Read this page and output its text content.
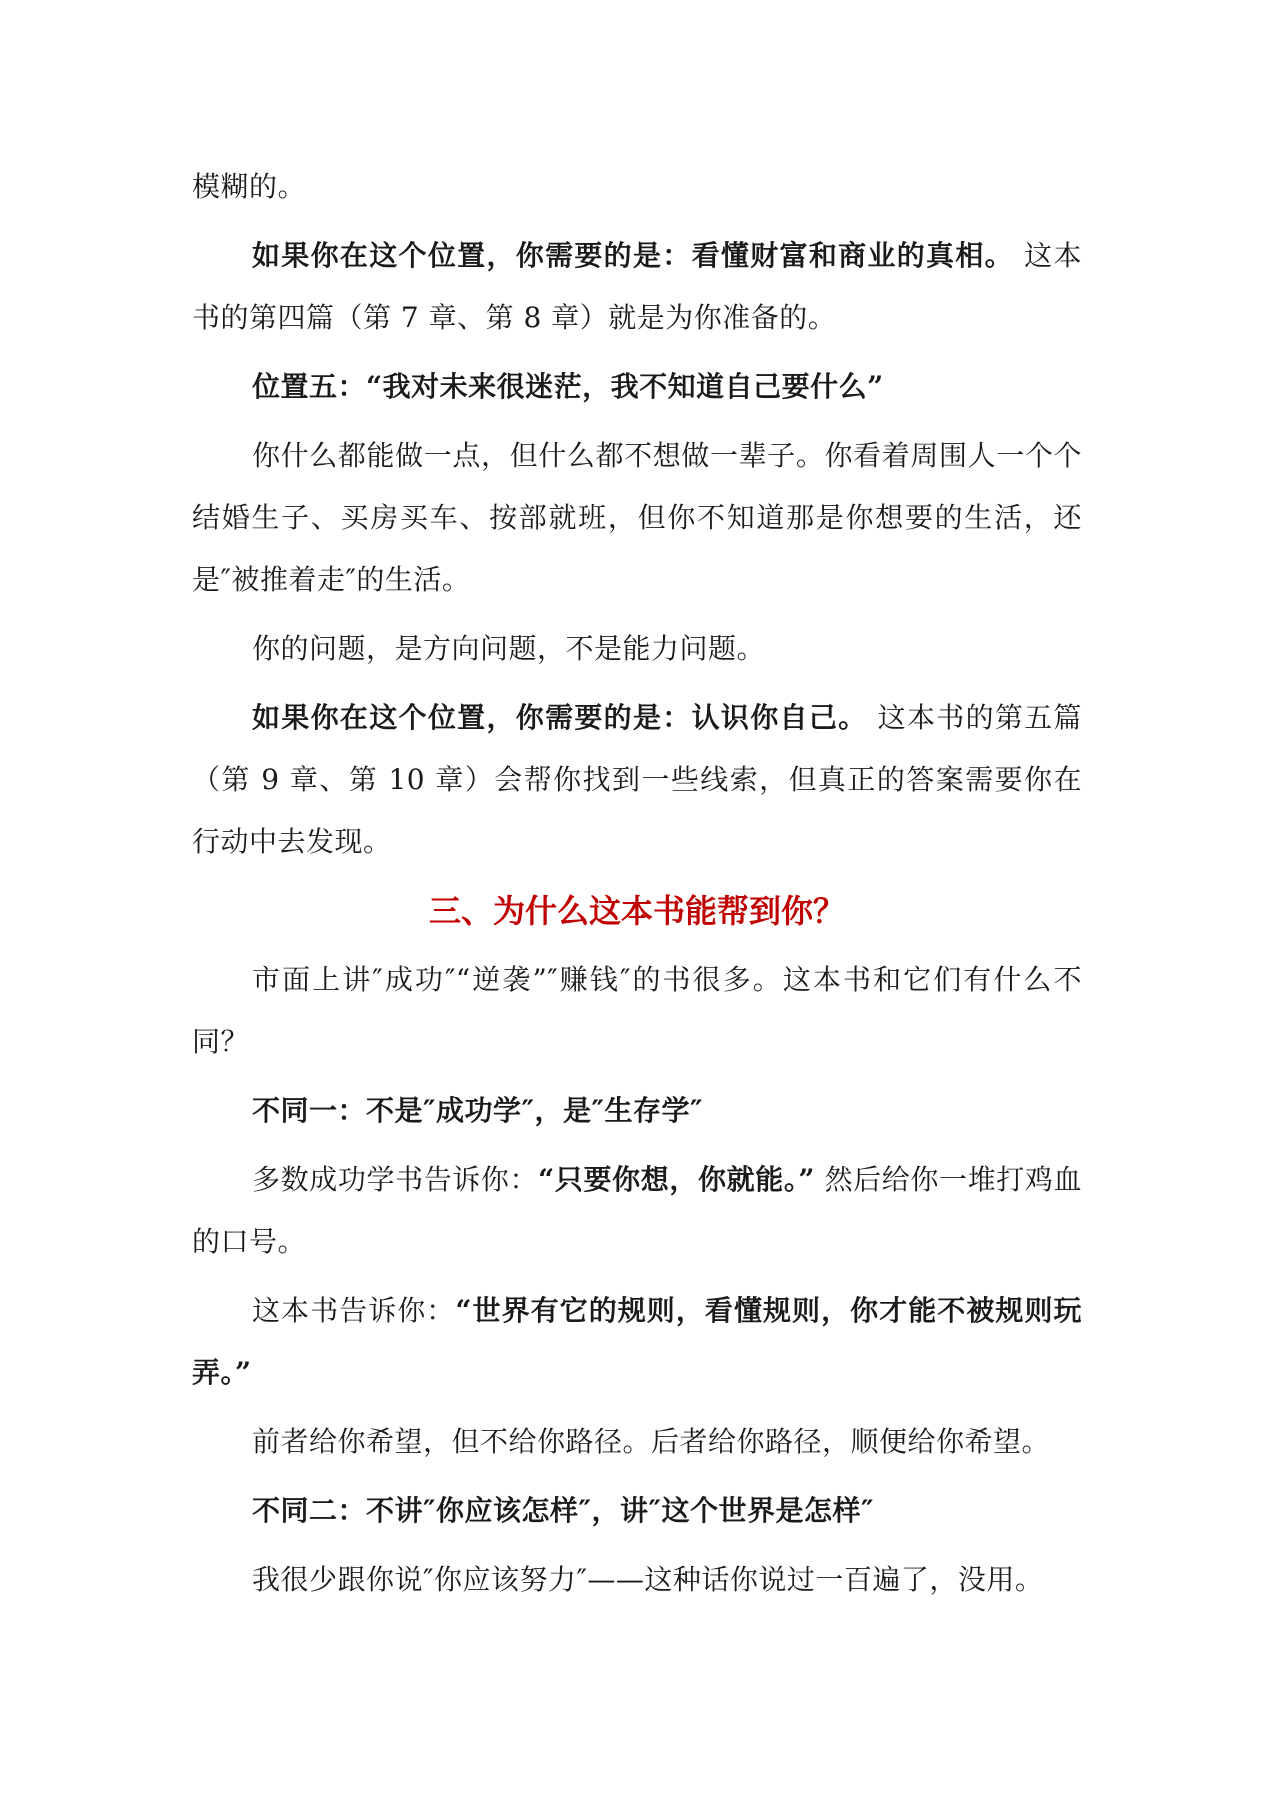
模糊的。

如果你在这个位置，你需要的是：看懂财富和商业的真相。 这本书的第四篇（第 7 章、第 8 章）就是为你准备的。

位置五：“我对未来很迷茫，我不知道自己要什么”

你什么都能做一点，但什么都不想做一辈子。你看着周围人一个个结婚生子、买房买车、按部就班，但你不知道那是你想要的生活，还是″被推着走″的生活。

你的问题，是方向问题，不是能力问题。

如果你在这个位置，你需要的是：认识你自己。 这本书的第五篇（第 9 章、第 10 章）会帮你找到一些线索，但真正的答案需要你在行动中去发现。

三、为什么这本书能帮到你？

市面上讲″成功″“逆袭”″赚钱″的书很多。这本书和它们有什么不同？

不同一：不是″成功学″，是″生存学″

多数成功学书告诉你：“只要你想，你就能。” 然后给你一堆打鸡血的口号。

这本书告诉你：“世界有它的规则，看懂规则，你才能不被规则玩弄。”

前者给你希望，但不给你路径。后者给你路径，顺便给你希望。

不同二：不讲″你应该怎样″，讲″这个世界是怎样″

我很少跟你说″你应该努力″——这种话你说过一百遍了，没用。
